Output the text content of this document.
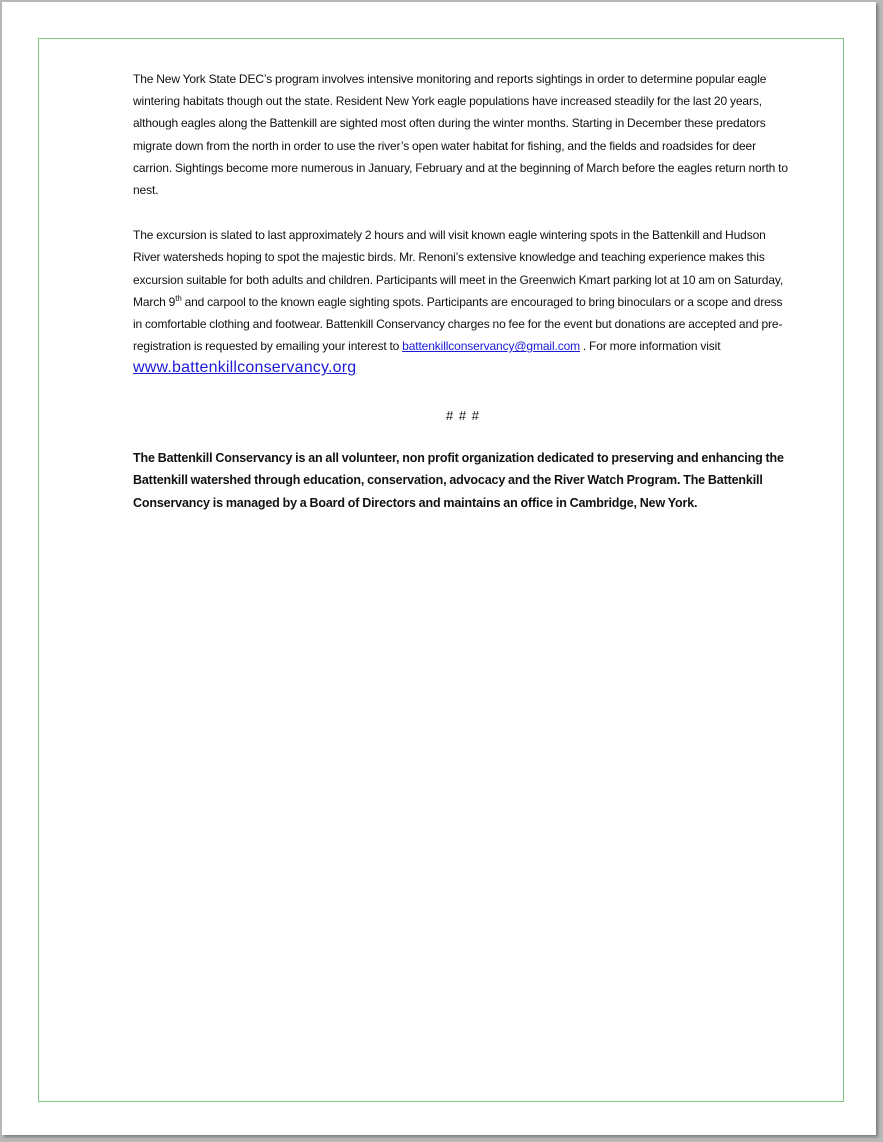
The New York State DEC’s program involves intensive monitoring and reports sightings in order to determine popular eagle wintering habitats though out the state. Resident New York eagle populations have increased steadily for the last 20 years, although eagles along the Battenkill are sighted most often during the winter months. Starting in December these predators migrate down from the north in order to use the river’s open water habitat for fishing, and the fields and roadsides for deer carrion. Sightings become more numerous in January, February and at the beginning of March before the eagles return north to nest.

The excursion is slated to last approximately 2 hours and will visit known eagle wintering spots in the Battenkill and Hudson River watersheds hoping to spot the majestic birds. Mr. Renoni’s extensive knowledge and teaching experience makes this excursion suitable for both adults and children. Participants will meet in the Greenwich Kmart parking lot at 10 am on Saturday, March 9th and carpool to the known eagle sighting spots. Participants are encouraged to bring binoculars or a scope and dress in comfortable clothing and footwear. Battenkill Conservancy charges no fee for the event but donations are accepted and pre-registration is requested by emailing your interest to battenkillconservancy@gmail.com . For more information visit www.battenkillconservancy.org

# # #

The Battenkill Conservancy is an all volunteer, non profit organization dedicated to preserving and enhancing the Battenkill watershed through education, conservation, advocacy and the River Watch Program. The Battenkill Conservancy is managed by a Board of Directors and maintains an office in Cambridge, New York.
